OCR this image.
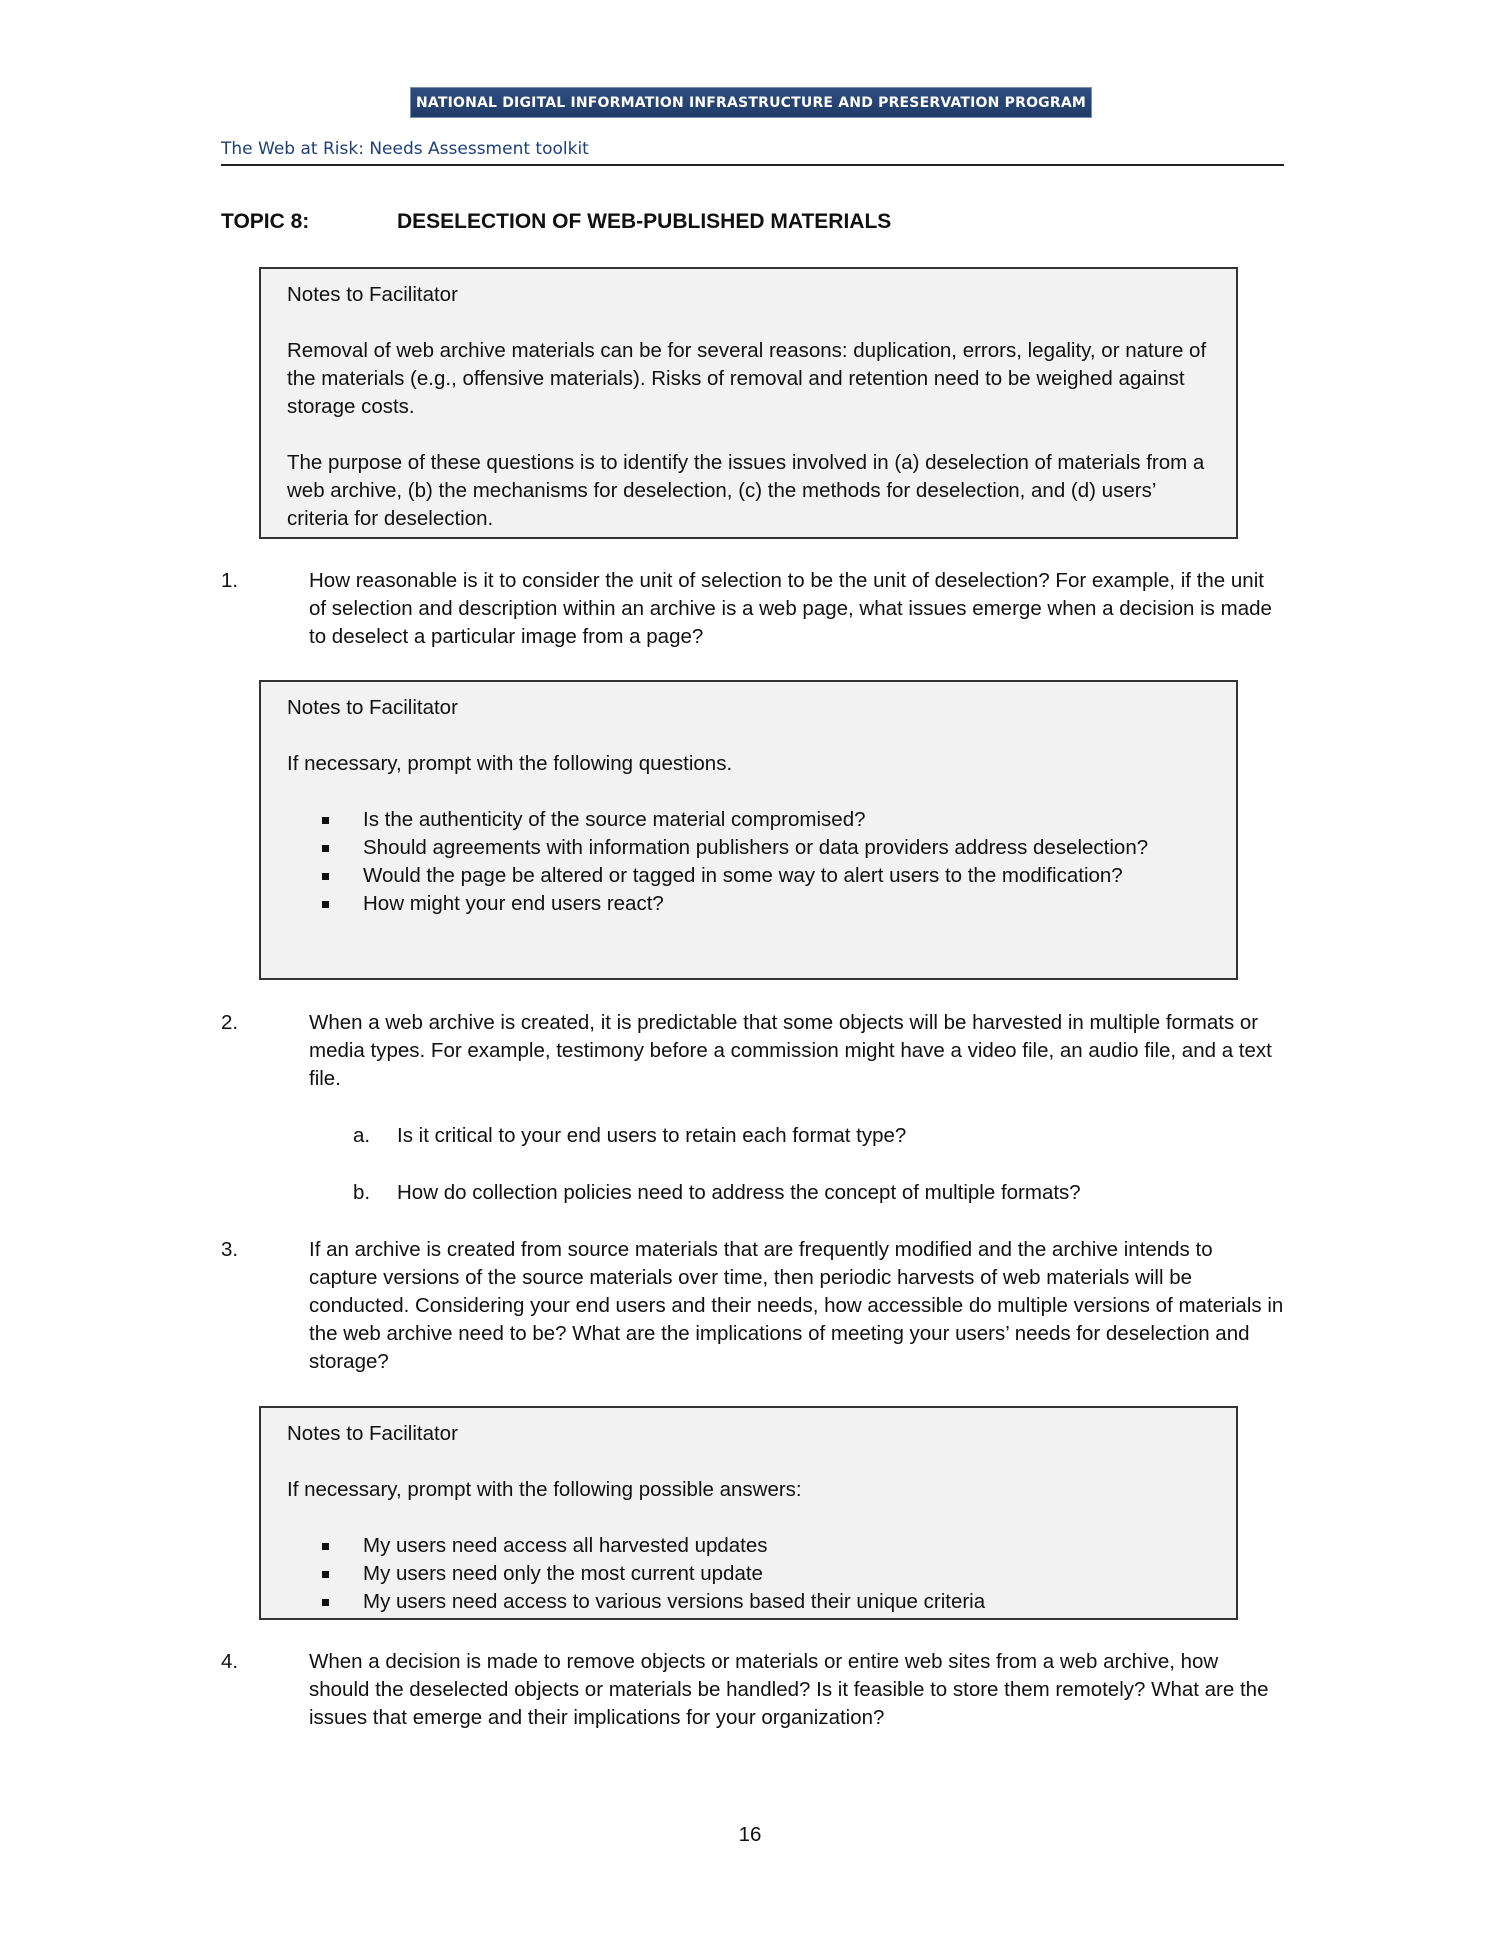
NATIONAL DIGITAL INFORMATION INFRASTRUCTURE AND PRESERVATION PROGRAM
The Web at Risk: Needs Assessment toolkit
TOPIC 8:	DESELECTION OF WEB-PUBLISHED MATERIALS

Notes to Facilitator

Removal of web archive materials can be for several reasons: duplication, errors, legality, or nature of the materials (e.g., offensive materials). Risks of removal and retention need to be weighed against storage costs.

The purpose of these questions is to identify the issues involved in (a) deselection of materials from a web archive, (b) the mechanisms for deselection, (c) the methods for deselection, and (d) users’ criteria for deselection.

1.	How reasonable is it to consider the unit of selection to be the unit of deselection? For example, if the unit of selection and description within an archive is a web page, what issues emerge when a decision is made to deselect a particular image from a page?

Notes to Facilitator

If necessary, prompt with the following questions.

Is the authenticity of the source material compromised?
Should agreements with information publishers or data providers address deselection?
Would the page be altered or tagged in some way to alert users to the modification?
How might your end users react?
2.	When a web archive is created, it is predictable that some objects will be harvested in multiple formats or media types. For example, testimony before a commission might have a video file, an audio file, and a text file.
a. Is it critical to your end users to retain each format type?
b. How do collection policies need to address the concept of multiple formats?
3.	If an archive is created from source materials that are frequently modified and the archive intends to capture versions of the source materials over time, then periodic harvests of web materials will be conducted. Considering your end users and their needs, how accessible do multiple versions of materials in the web archive need to be? What are the implications of meeting your users’ needs for deselection and storage?

Notes to Facilitator

If necessary, prompt with the following possible answers:

My users need access all harvested updates
My users need only the most current update
My users need access to various versions based their unique criteria
4.	When a decision is made to remove objects or materials or entire web sites from a web archive, how should the deselected objects or materials be handled? Is it feasible to store them remotely? What are the issues that emerge and their implications for your organization?
16
